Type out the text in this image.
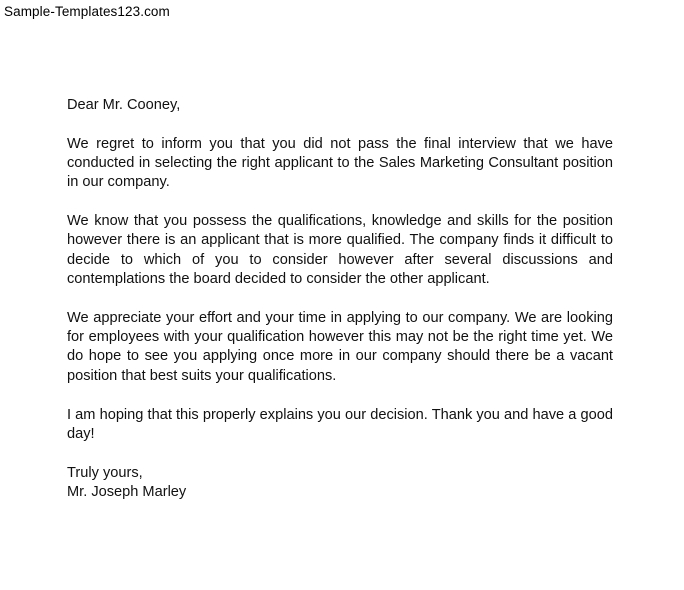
Sample-Templates123.com

Dear Mr. Cooney,

We regret to inform you that you did not pass the final interview that we have conducted in selecting the right applicant to the Sales Marketing Consultant position in our company.

We know that you possess the qualifications, knowledge and skills for the position however there is an applicant that is more qualified. The company finds it difficult to decide to which of you to consider however after several discussions and contemplations the board decided to consider the other applicant.

We appreciate your effort and your time in applying to our company. We are looking for employees with your qualification however this may not be the right time yet. We do hope to see you applying once more in our company should there be a vacant position that best suits your qualifications.

I am hoping that this properly explains you our decision. Thank you and have a good day!

Truly yours,

Mr. Joseph Marley
